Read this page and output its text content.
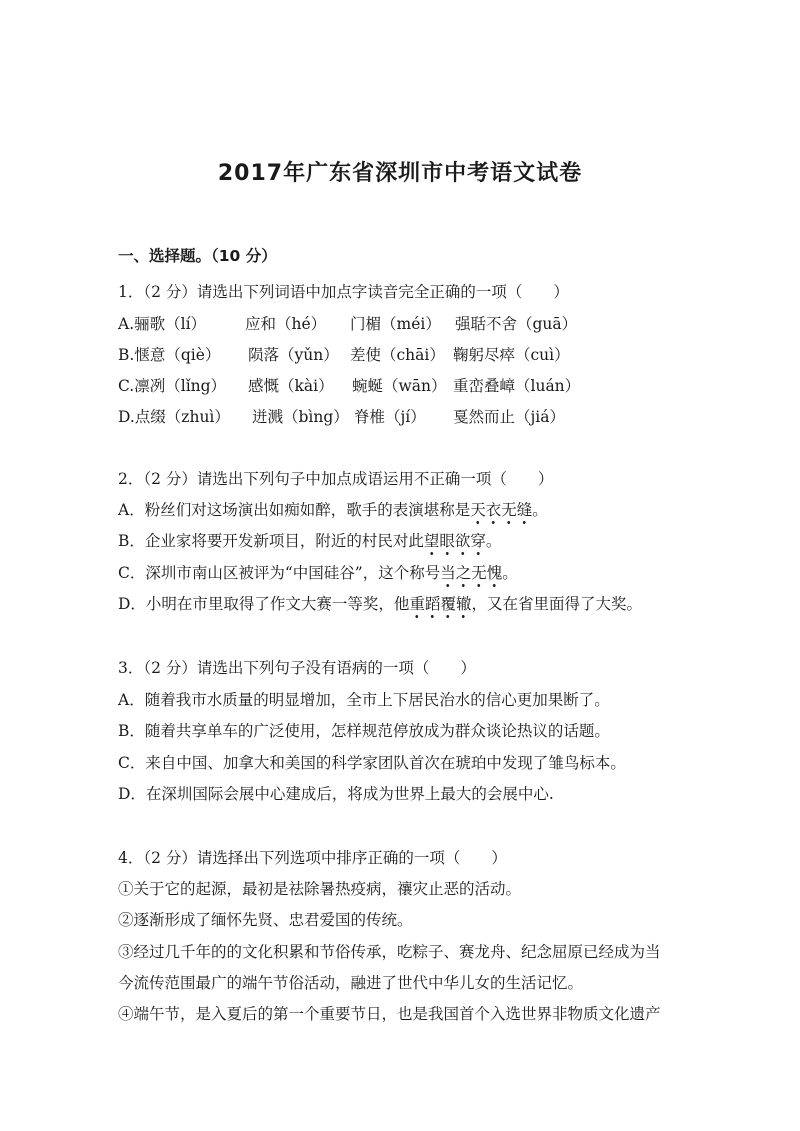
2017年广东省深圳市中考语文试卷
一、选择题。（10 分）
1．（2 分）请选出下列词语中加点字读音完全正确的一项（　　）
A.骊歌（lí）	应和（hé） 门楣（méi） 强聒不舍（guā）
B.惬意（qiè） 陨落（yǔn） 差使（chāi） 鞠躬尽瘁（cuì）
C.凛冽（lǐng） 感慨（kài） 蜿蜒（wān） 重峦叠嶂（luán）
D.点缀（zhuì） 迸溅（bìng） 脊椎（jí） 戛然而止（jiá）
2．（2 分）请选出下列句子中加点成语运用不正确一项（　　）
A．粉丝们对这场演出如痴如醉，歌手的表演堪称是天衣无缝。
B．企业家将要开发新项目，附近的村民对此望眼欲穿。
C．深圳市南山区被评为“中国硅谷”，这个称号当之无愧。
D．小明在市里取得了作文大赛一等奖，他重蹈覆辙，又在省里面得了大奖。
3．（2 分）请选出下列句子没有语病的一项（　　）
A．随着我市水质量的明显增加，全市上下居民治水的信心更加果断了。
B．随着共享单车的广泛使用，怎样规范停放成为群众谈论热议的话题。
C．来自中国、加拿大和美国的科学家团队首次在琥珀中发现了雏鸟标本。
D．在深圳国际会展中心建成后，将成为世界上最大的会展中心.
4．（2 分）请选择出下列选项中排序正确的一项（　　）
①关于它的起源，最初是祛除暑热疫病，禳灾止恶的活动。
②逐渐形成了缅怀先贤、忠君爱国的传统。
③经过几千年的的文化积累和节俗传承，吃粽子、赛龙舟、纪念屈原已经成为当
今流传范围最广的端午节俗活动，融进了世代中华儿女的生活记忆。
④端午节，是入夏后的第一个重要节日，也是我国首个入选世界非物质文化遗产
